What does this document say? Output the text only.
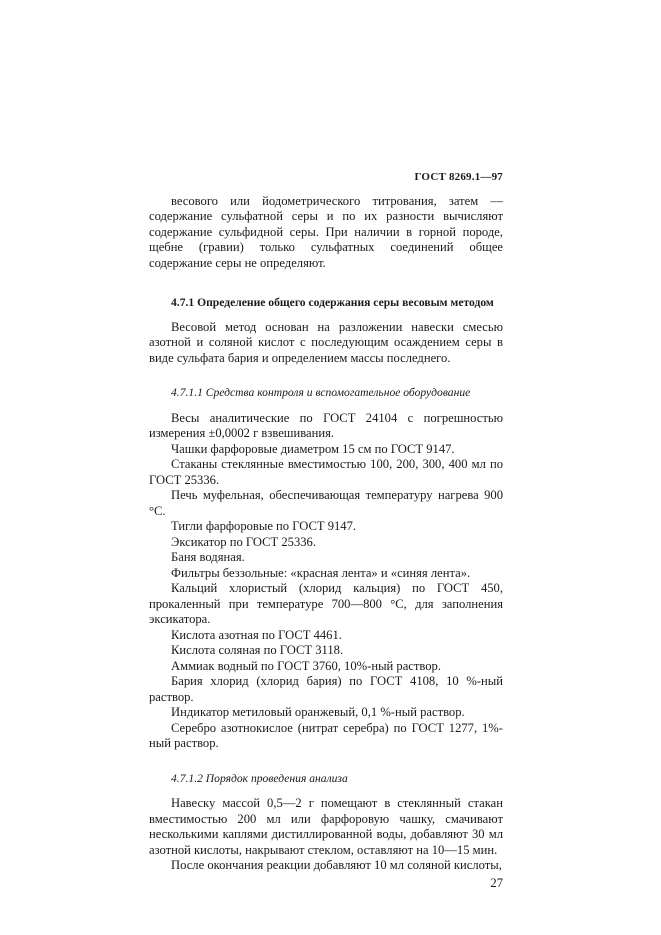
ГОСТ 8269.1—97

весового или йодометрического титрования, затем — содержание сульфатной серы и по их разности вычисляют содержание сульфидной серы. При наличии в горной породе, щебне (гравии) только сульфатных соединений общее содержание серы не определяют.

4.7.1 Определение общего содержания серы весовым методом

Весовой метод основан на разложении навески смесью азотной и соляной кислот с последующим осаждением серы в виде сульфата бария и определением массы последнего.

4.7.1.1 Средства контроля и вспомогательное оборудование

Весы аналитические по ГОСТ 24104 с погрешностью измерения ±0,0002 г взвешивания.

Чашки фарфоровые диаметром 15 см по ГОСТ 9147.

Стаканы стеклянные вместимостью 100, 200, 300, 400 мл по ГОСТ 25336.

Печь муфельная, обеспечивающая температуру нагрева 900 °С.

Тигли фарфоровые по ГОСТ 9147.

Эксикатор по ГОСТ 25336.

Баня водяная.

Фильтры беззольные: «красная лента» и «синяя лента».

Кальций хлористый (хлорид кальция) по ГОСТ 450, прокаленный при температуре 700—800 °С, для заполнения эксикатора.

Кислота азотная по ГОСТ 4461.

Кислота соляная по ГОСТ 3118.

Аммиак водный по ГОСТ 3760, 10%-ный раствор.

Бария хлорид (хлорид бария) по ГОСТ 4108, 10 %-ный раствор.

Индикатор метиловый оранжевый, 0,1 %-ный раствор.

Серебро азотнокислое (нитрат серебра) по ГОСТ 1277, 1%-ный раствор.

4.7.1.2 Порядок проведения анализа

Навеску массой 0,5—2 г помещают в стеклянный стакан вместимостью 200 мл или фарфоровую чашку, смачивают несколькими каплями дистиллированной воды, добавляют 30 мл азотной кислоты, накрывают стеклом, оставляют на 10—15 мин.

После окончания реакции добавляют 10 мл соляной кислоты,

27
